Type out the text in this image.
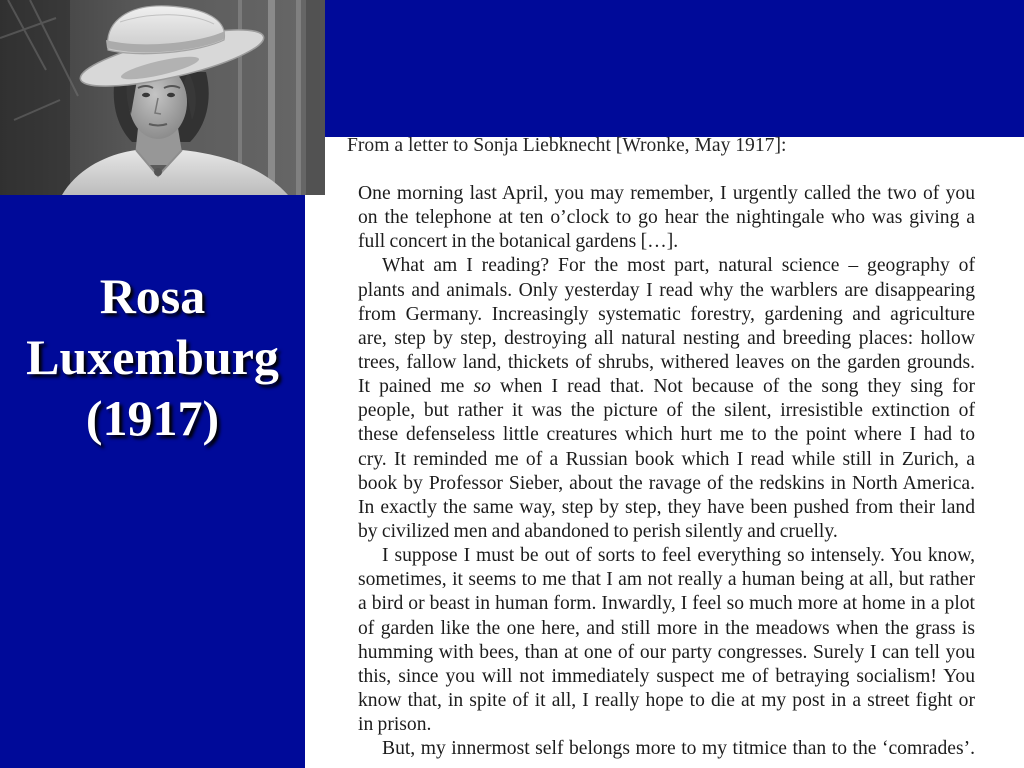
Rosa Luxemburg (1917)
From a letter to Sonja Liebknecht [Wronke, May 1917]:
One morning last April, you may remember, I urgently called the two of you
on the telephone at ten o’clock to go hear the nightingale who was giving a
full concert in the botanical gardens […].
What am I reading? For the most part, natural science – geography of
plants and animals. Only yesterday I read why the warblers are disappearing
from Germany. Increasingly systematic forestry, gardening and agriculture
are, step by step, destroying all natural nesting and breeding places: hollow
trees, fallow land, thickets of shrubs, withered leaves on the garden grounds.
It pained me so when I read that. Not because of the song they sing for
people, but rather it was the picture of the silent, irresistible extinction of
these defenseless little creatures which hurt me to the point where I had to
cry. It reminded me of a Russian book which I read while still in Zurich, a
book by Professor Sieber, about the ravage of the redskins in North America.
In exactly the same way, step by step, they have been pushed from their land
by civilized men and abandoned to perish silently and cruelly.
I suppose I must be out of sorts to feel everything so intensely. You know,
sometimes, it seems to me that I am not really a human being at all, but rather
a bird or beast in human form. Inwardly, I feel so much more at home in a plot
of garden like the one here, and still more in the meadows when the grass is
humming with bees, than at one of our party congresses. Surely I can tell you
this, since you will not immediately suspect me of betraying socialism! You
know that, in spite of it all, I really hope to die at my post in a street fight or
in prison.
But, my innermost self belongs more to my titmice than to the ‘comrades’.
